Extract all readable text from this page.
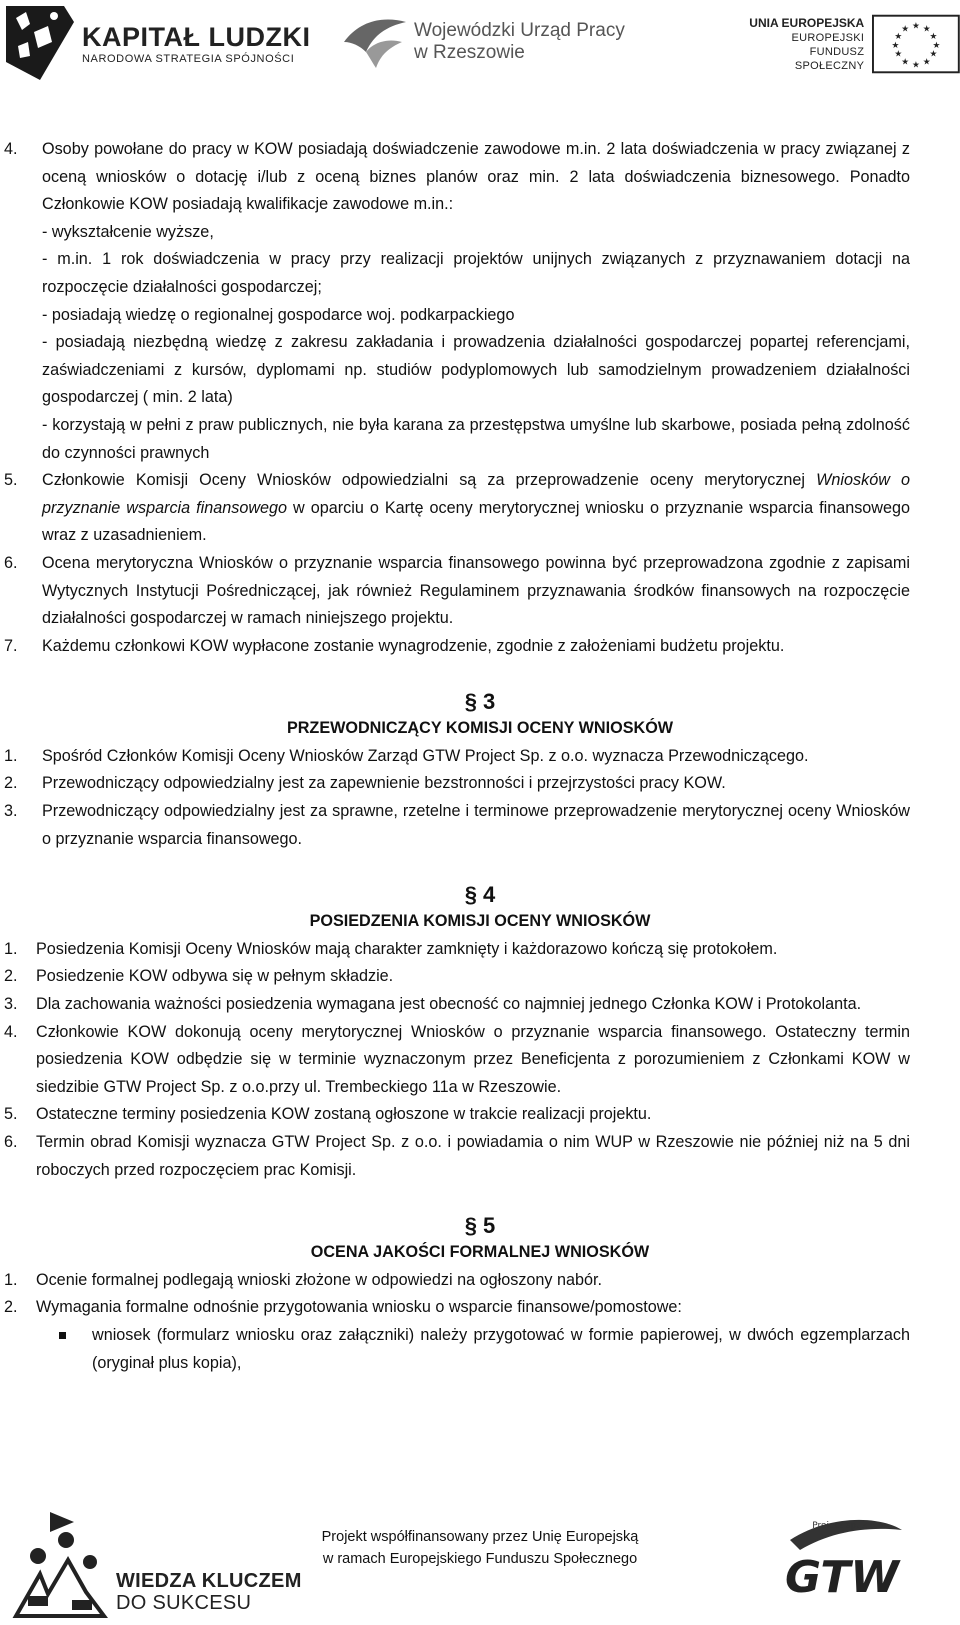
KAPITAŁ LUDZKI
NARODOWA STRATEGIA SPÓJNOŚCI
Wojewódzki Urząd Pracy
w Rzeszowie
UNIA EUROPEJSKA
EUROPEJSKI
FUNDUSZ SPOŁECZNY
★ ★
★
★
★
★
★
★
★
★
★
★
4. Osoby powołane do pracy w KOW posiadają doświadczenie zawodowe m.in. 2 lata doświadczenia w pracy związanej z oceną wniosków o dotację i/lub z oceną biznes planów oraz min. 2 lata doświadczenia biznesowego. Ponadto Członkowie KOW posiadają kwalifikacje zawodowe m.in.:
- wykształcenie wyższe,
- m.in. 1 rok doświadczenia w pracy przy realizacji projektów unijnych związanych z przyznawaniem dotacji na rozpoczęcie działalności gospodarczej;
- posiadają wiedzę o regionalnej gospodarce woj. podkarpackiego
- posiadają niezbędną wiedzę z zakresu zakładania i prowadzenia działalności gospodarczej popartej referencjami, zaświadczeniami z kursów, dyplomami np. studiów podyplomowych lub samodzielnym prowadzeniem działalności gospodarczej ( min. 2 lata)
- korzystają w pełni z praw publicznych, nie była karana za przestępstwa umyślne lub skarbowe, posiada pełną zdolność do czynności prawnych
5. Członkowie Komisji Oceny Wniosków odpowiedzialni są za przeprowadzenie oceny merytorycznej Wniosków o przyznanie wsparcia finansowego w oparciu o Kartę oceny merytorycznej wniosku o przyznanie wsparcia finansowego wraz z uzasadnieniem.
6. Ocena merytoryczna Wniosków o przyznanie wsparcia finansowego powinna być przeprowadzona zgodnie z zapisami Wytycznych Instytucji Pośredniczącej, jak również Regulaminem przyznawania środków finansowych na rozpoczęcie działalności gospodarczej w ramach niniejszego projektu.
7. Każdemu członkowi KOW wypłacone zostanie wynagrodzenie, zgodnie z założeniami budżetu projektu.
§ 3
PRZEWODNICZĄCY KOMISJI OCENY WNIOSKÓW
1. Spośród Członków Komisji Oceny Wniosków Zarząd GTW Project Sp. z o.o. wyznacza Przewodniczącego.
2. Przewodniczący odpowiedzialny jest za zapewnienie bezstronności i przejrzystości pracy KOW.
3. Przewodniczący odpowiedzialny jest za sprawne, rzetelne i terminowe przeprowadzenie merytorycznej oceny Wniosków o przyznanie wsparcia finansowego.
§ 4
POSIEDZENIA KOMISJI OCENY WNIOSKÓW
1. Posiedzenia Komisji Oceny Wniosków mają charakter zamknięty i każdorazowo kończą się protokołem.
2. Posiedzenie KOW odbywa się w pełnym składzie.
3. Dla zachowania ważności posiedzenia wymagana jest obecność co najmniej jednego Członka KOW i Protokolanta.
4. Członkowie KOW dokonują oceny merytorycznej Wniosków o przyznanie wsparcia finansowego. Ostateczny termin posiedzenia KOW odbędzie się w terminie wyznaczonym przez Beneficjenta z porozumieniem z Członkami KOW w siedzibie GTW Project Sp. z o.o.przy ul. Trembeckiego 11a w Rzeszowie.
5. Ostateczne terminy posiedzenia KOW zostaną ogłoszone w trakcie realizacji projektu.
6. Termin obrad Komisji wyznacza GTW Project Sp. z o.o. i powiadamia o nim WUP w Rzeszowie nie później niż na 5 dni roboczych przed rozpoczęciem prac Komisji.
§ 5
OCENA JAKOŚCI FORMALNEJ WNIOSKÓW
1. Ocenie formalnej podlegają wnioski złożone w odpowiedzi na ogłoszony nabór.
2. Wymagania formalne odnośnie przygotowania wniosku o wsparcie finansowe/pomostowe:
wniosek (formularz wniosku oraz załączniki) należy przygotować w formie papierowej, w dwóch egzemplarzach (oryginał plus kopia),
WIEDZA KLUCZEM
DO SUKCESU
Projekt współfinansowany przez Unię Europejską
w ramach Europejskiego Funduszu Społecznego
Project sp. z o.o.
GTW
